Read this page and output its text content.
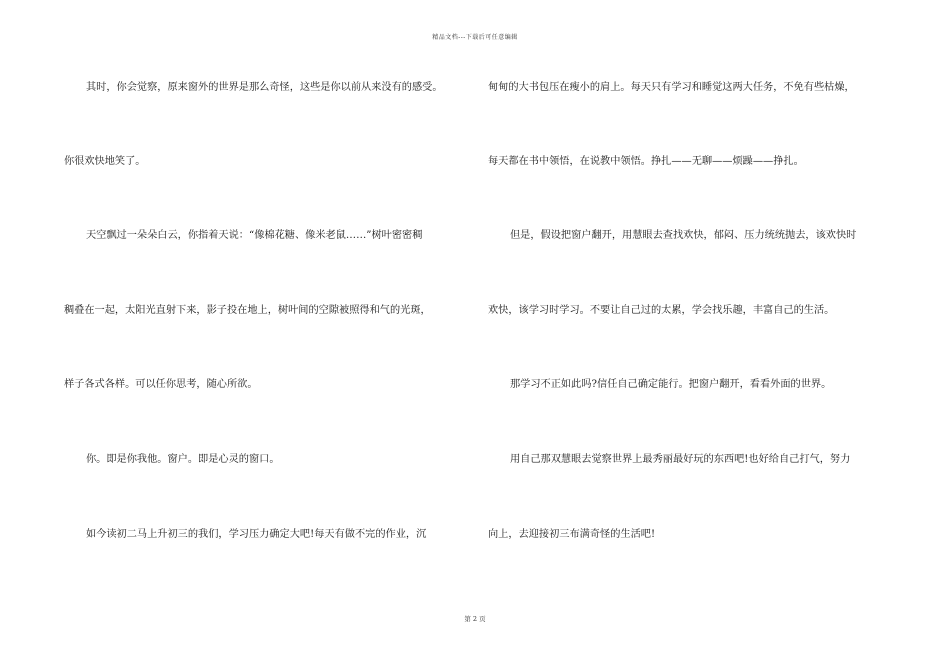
精品文档---下载后可任意编辑
其时，你会觉察，原来窗外的世界是那么奇怪，这些是你以前从来没有的感受。
你很欢快地笑了。
天空飘过一朵朵白云，你指着天说：“像棉花糖、像米老鼠……”树叶密密稠
稠叠在一起，太阳光直射下来，影子投在地上，树叶间的空隙被照得和气的光斑，
样子各式各样。可以任你思考，随心所欲。
你。即是你我他。窗户。即是心灵的窗口。
如今读初二马上升初三的我们，学习压力确定大吧!每天有做不完的作业，沉
甸甸的大书包压在瘦小的肩上。每天只有学习和睡觉这两大任务，不免有些枯燥，
每天都在书中领悟，在说教中领悟。挣扎——无聊——烦躁——挣扎。
但是，假设把窗户翻开，用慧眼去查找欢快，郁闷、压力统统抛去，该欢快时
欢快，该学习时学习。不要让自己过的太累，学会找乐趣，丰富自己的生活。
那学习不正如此吗?信任自己确定能行。把窗户翻开，看看外面的世界。
用自己那双慧眼去觉察世界上最秀丽最好玩的东西吧!也好给自己打气，努力
向上，去迎接初三布满奇怪的生活吧!
第 2 页
